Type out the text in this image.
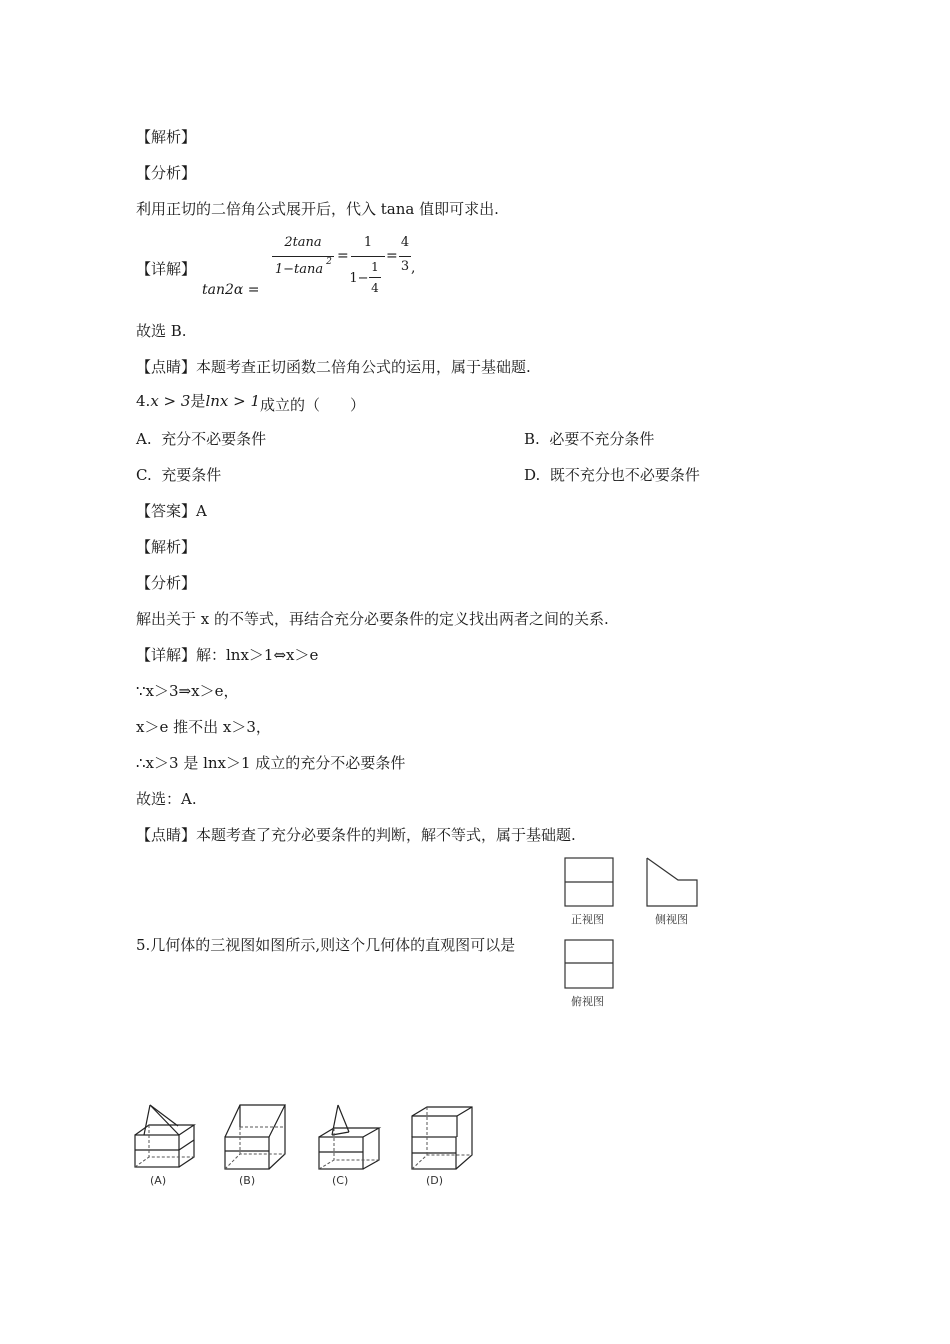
【解析】
【分析】
利用正切的二倍角公式展开后，代入 tana 值即可求出.
【详解】
tan2α =
2tana
1−tana 2 =
1
1−
1
4
=
4
3 ,
故选 B.
【点睛】本题考查正切函数二倍角公式的运用，属于基础题.
4.x > 3是lnx > 1成立的（　　）
A. 充分不必要条件	B. 必要不充分条件
C. 充要条件	D. 既不充分也不必要条件
【答案】A
【解析】
【分析】
解出关于 x 的不等式，再结合充分必要条件的定义找出两者之间的关系.
【详解】解：lnx＞1⇔x＞e
∵x＞3⇒x＞e，
x＞e 推不出 x＞3，
∴x＞3 是 lnx＞1 成立的充分不必要条件
故选：A.
【点睛】本题考查了充分必要条件的判断，解不等式，属于基础题.
5.几何体的三视图如图所示,则这个几何体的直观图可以是
正视图	侧视图
俯视图
(A)	(B)	(C)	(D)
